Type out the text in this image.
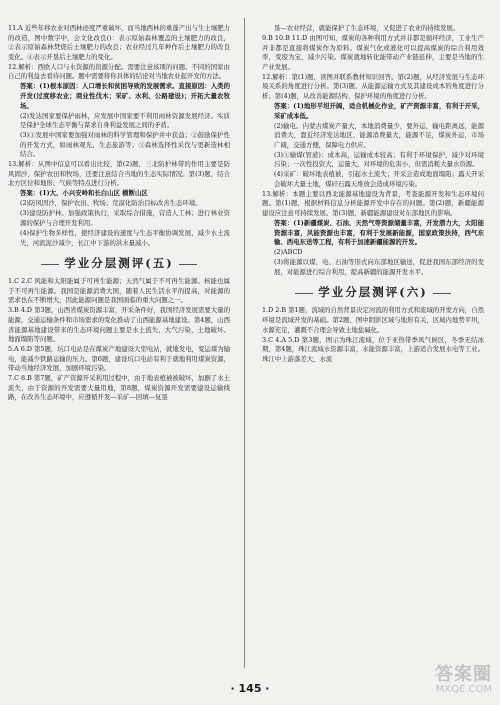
11.A 近些年移农业对西林迹度严重破坏，而当地西林的重蓬产出与生土壤肥力的改造，图中数字中，会文化改良()：表示原始森林覆盖的土壤肥力的改良，②表示原始森林焚烧后土壤肥力的改良；农业经过几年种作后土壤肥力的改良变化。④表示开垦后土壤肥力的变化。

12.解析：西欧人口与水资源的资源分配。需要注意该项的问题。不同的国家由自己的利益去看待问题。题中需要将你具体的结论对当地农业起开发的方法。

答案：(1)根本原因：人口增长和贫困导致的发展需求。直接原因：人类的开发(过度移农业；商业性伐木；采矿、水利、公路建设)；开拓大量农牧场。

(2)发达国家要保护雨林，应发展中国家要不利用雨林资源发展经济。实质是保护全球生态平衡与谋求自身利益发展之间的矛盾。

(3)①发展中国家要加强对雨林的科学管理和保护并中获益；②鼓励保护性的开发方式，如雨林观光、生态旅游等；③森林选择性采伐与更新造林相结合。

13.解析：从图中信息可以看出比较，第(2)题，三北防护林带的作用主要是防风固沙，保护农田和牧场，还要注意结合当地的生态实际情况。第(3)题，结合北方区位和地形、气候等特点进行分析。

答案：(1)大、小兴安岭和长白山区 横断山区

(2)防风固沙，保护农田、牧场；荒漠化防治目标改善生态环境。

(3)建设防护林、加强政策执行，采取综合措施，营造人工林；进行林业资源的保护与合理开发利用。

(4)保护生物多样性，使经济建设的速度与生态平衡协调发展，减少水土流失，河流泥沙减少，长江中下游的洪水量减小。

学业分层测评(五)

1.C 2.C 风能和太阳能属于可再生能源；天然气属于不可再生能源。核能也属于不可再生能源。我国是能源消费大国，随着人民生活水平的提高，对能源的需求也在不断增大，因此能源问题是我国面临的重大问题之一。

3.B 4.D 第3题，山西省煤炭资源丰富，开采条件好，我国经济发展需要大量的能源，交通运输条件和市场需求的变化推动了山西能源基地建设。第4题，山西省能源基地建设带来的生态环境问题主要是水土流失、大气污染、土地破坏、地面塌陷等问题。

5.A 6.D 第5题，坑口电站是在煤炭产地建设大型电站，就地发电，变运煤为输电，能减少铁路运输的压力。第6题，建设坑口电站有利于就地利用煤炭资源，带动当地经济发展，加剧环境污染。

7.C 8.B 第7题，矿产资源开采利用过程中，由于地表植被被破坏，加剧了水土流失，由于资源的开发需要大量用地，第8题，煤炭资源开发需要建设运输线路，在改善生态环境中，应遵循开发—采矿—回填—复垦

垦—农业经营，就能保护了生态环境，又促进了农业的持续发展。

9.B 10.B 11.D 由图可知，煤炭的各种利用方式并非都是循环经济，工业生产并非都是直接将煤炭作为原料。煤炭气化或液化可以提高煤炭的综合利用效率，变废为宝，减少污染。煤炭就地转化能带动产业链延伸，主要是当地的生产业发展。

12.解析：第(1)题，读图并联系教材知识回答。第(2)题，从经济发展与生态环境关系的角度进行分析。第(3)题，从能源运输方式及其建设成本的角度进行分析；第(4)题，从改善能源结构、保护环境的角度进行分析。

答案：(1)地形平坦开阔，适合机械化作业，矿产资源丰富，有利于开采，采矿成本低。

(2)输电。内蒙古煤炭产量大，本地消费量少，要外运，输电距离远，能源消费大，靠近经济发达地区，能源消费量大，能源不足，煤炭外运，市场广阔，交通方便，保障电力供应。

(3)①输煤(管道)：成本高，运输成本较高；有利于环境保护，减少对环境污染；一次性投资大，运量大，对环境的危害小，但需消耗大量水资源。

(4)采矿：破坏地表植被，引起水土流失；开采会造成地面塌陷；露天开采会破坏大量土地，煤矸石露天堆放会造成环境污染。

13.解析：本题主要以西北能源基地建设为背景，考查能源开发和生态环境问题。第(1)题，根据材料信息分析能源开发中存在的问题。第(2)题，新疆能源建设应注意可持续发展。第(3)题，新疆能源建设对东部地区的影响。

答案：(1)新疆煤炭、石油、天然气等资源储量丰富，开发潜力大，太阳能资源丰富，风能资源也丰富，有利于发展新能源，国家政策扶持，西气东输、西电东送等工程，有利于加速新疆能源的开发。

(2)ABCD

(3)将能源以煤、电、石油等形式向东部地区输送，促进我国东部经济的发展，对能源进行综合利用，提高新疆的能源开发水平。

学业分层测评(六)

1.D 2.B 第1题，流域的自然背景决定河流的利用方式和流域的开发方向，自然环境是流域开发的基础。第2题，图中阴影区域与地形有关，区域内地势平坦，水源充足，灌溉不合理会导致土地盐碱化。

3.C 4.A 5.D 第3题，图示为珠江流域，位于亚热带季风气候区，冬季无结冰期，第4题，珠江流域水资源丰富，水能资源丰富，上游适合发展水电等工业。珠江中上游落差大，水流

· 145 ·
答案圈
MXQE.COM
